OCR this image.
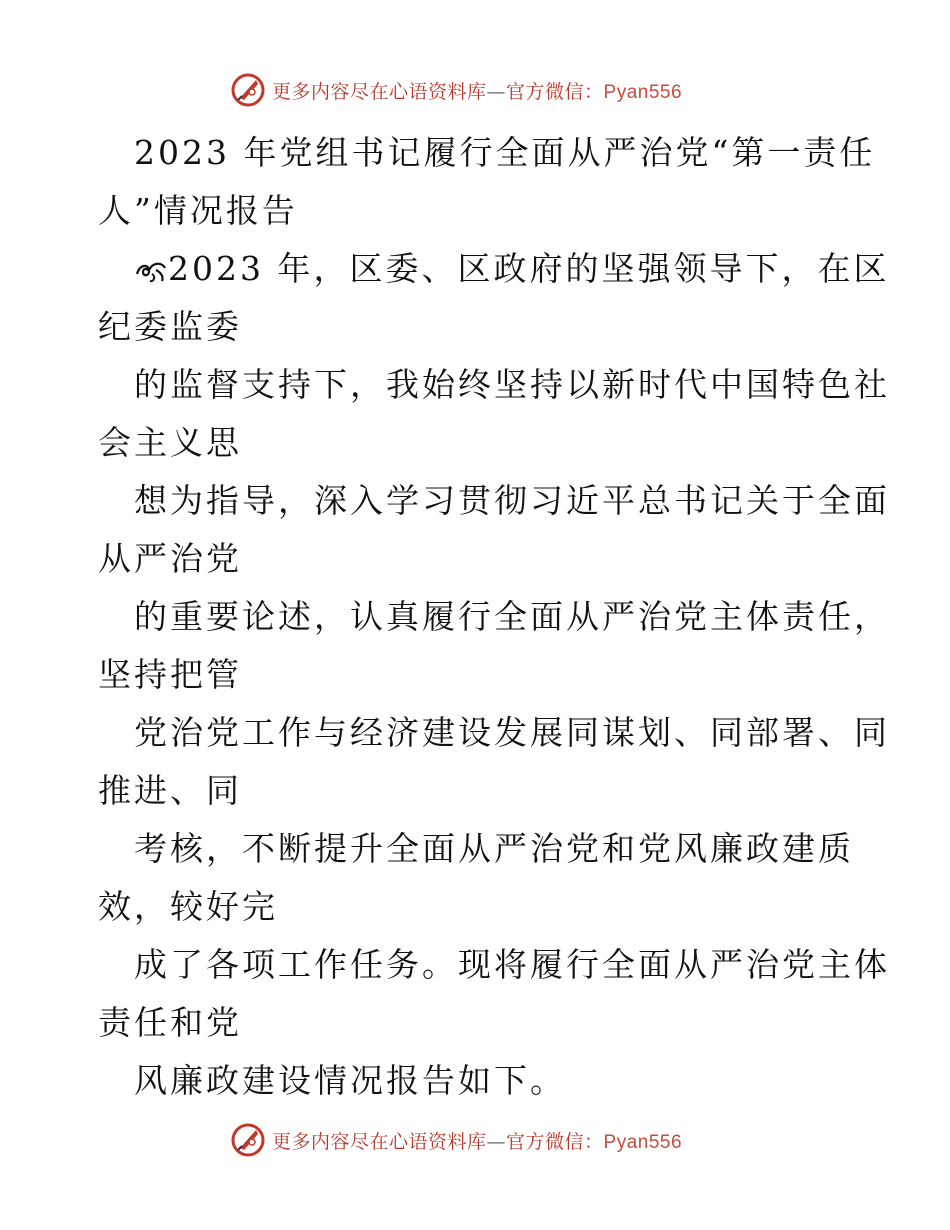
更多内容尽在心语资料库—官方微信：Pyan556
2023 年党组书记履行全面从严治党“第一责任
人”情况报告
2023 年，区委、区政府的坚强领导下，在区
纪委监委
的监督支持下，我始终坚持以新时代中国特色社
会主义思
想为指导，深入学习贯彻习近平总书记关于全面
从严治党
的重要论述，认真履行全面从严治党主体责任，
坚持把管
党治党工作与经济建设发展同谋划、同部署、同
推进、同
考核，不断提升全面从严治党和党风廉政建质
效，较好完
成了各项工作任务。现将履行全面从严治党主体
责任和党
风廉政建设情况报告如下。
更多内容尽在心语资料库—官方微信：Pyan556
